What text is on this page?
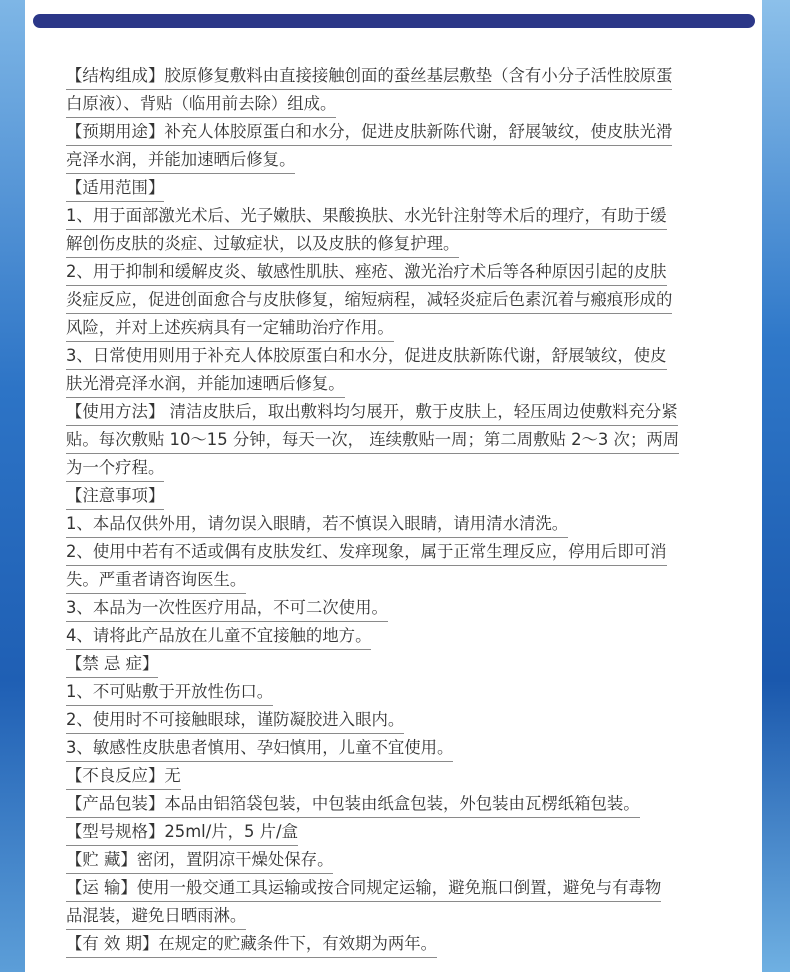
【结构组成】胶原修复敷料由直接接触创面的蚕丝基层敷垫（含有小分子活性胶原蛋
白原液）、背贴（临用前去除）组成。
【预期用途】补充人体胶原蛋白和水分，促进皮肤新陈代谢，舒展皱纹，使皮肤光滑
亮泽水润，并能加速晒后修复。
【适用范围】
1、用于面部激光术后、光子嫩肤、果酸换肤、水光针注射等术后的理疗，有助于缓
解创伤皮肤的炎症、过敏症状，以及皮肤的修复护理。
2、用于抑制和缓解皮炎、敏感性肌肤、痤疮、激光治疗术后等各种原因引起的皮肤
炎症反应，促进创面愈合与皮肤修复，缩短病程，减轻炎症后色素沉着与瘢痕形成的
风险，并对上述疾病具有一定辅助治疗作用。
3、日常使用则用于补充人体胶原蛋白和水分，促进皮肤新陈代谢，舒展皱纹，使皮
肤光滑亮泽水润，并能加速晒后修复。
【使用方法】 清洁皮肤后，取出敷料均匀展开，敷于皮肤上，轻压周边使敷料充分紧
贴。每次敷贴 10～15 分钟，每天一次， 连续敷贴一周；第二周敷贴 2～3 次；两周
为一个疗程。
【注意事项】
1、本品仅供外用，请勿误入眼睛，若不慎误入眼睛，请用清水清洗。
2、使用中若有不适或偶有皮肤发红、发痒现象，属于正常生理反应，停用后即可消
失。严重者请咨询医生。
3、本品为一次性医疗用品，不可二次使用。
4、请将此产品放在儿童不宜接触的地方。
【禁 忌 症】
1、不可贴敷于开放性伤口。
2、使用时不可接触眼球，谨防凝胶进入眼内。
3、敏感性皮肤患者慎用、孕妇慎用，儿童不宜使用。
【不良反应】无
【产品包装】本品由铝箔袋包装，中包装由纸盒包装，外包装由瓦楞纸箱包装。
【型号规格】25ml/片，5 片/盒
【贮 藏】密闭，置阴凉干燥处保存。
【运 输】使用一般交通工具运输或按合同规定运输，避免瓶口倒置，避免与有毒物
品混装，避免日晒雨淋。
【有 效 期】在规定的贮藏条件下，有效期为两年。
